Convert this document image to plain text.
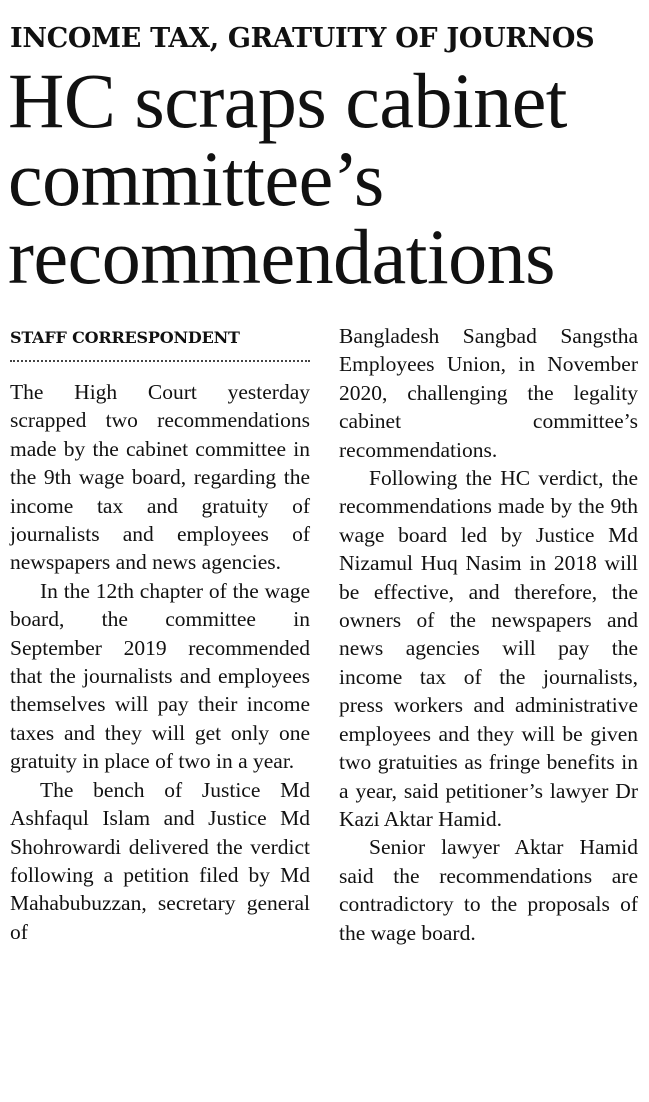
INCOME TAX, GRATUITY OF JOURNOS
HC scraps cabinet
committee’s
recommendations
STAFF CORRESPONDENT

The High Court yesterday scrapped two recommendations made by the cabinet committee in the 9th wage board, regarding the income tax and gratuity of journalists and employees of newspapers and news agencies.

In the 12th chapter of the wage board, the committee in September 2019 recommended that the journalists and employees themselves will pay their income taxes and they will get only one gratuity in place of two in a year.

The bench of Justice Md Ashfaqul Islam and Justice Md Shohrowardi delivered the verdict following a petition filed by Md Mahabubuzzan, secretary general of

Bangladesh Sangbad Sangstha Employees Union, in November 2020, challenging the legality cabinet committee’s recommendations.

Following the HC verdict, the recommendations made by the 9th wage board led by Justice Md Nizamul Huq Nasim in 2018 will be effective, and therefore, the owners of the newspapers and news agencies will pay the income tax of the journalists, press workers and administrative employees and they will be given two gratuities as fringe benefits in a year, said petitioner’s lawyer Dr Kazi Aktar Hamid.

Senior lawyer Aktar Hamid said the recommendations are contradictory to the proposals of the wage board.
